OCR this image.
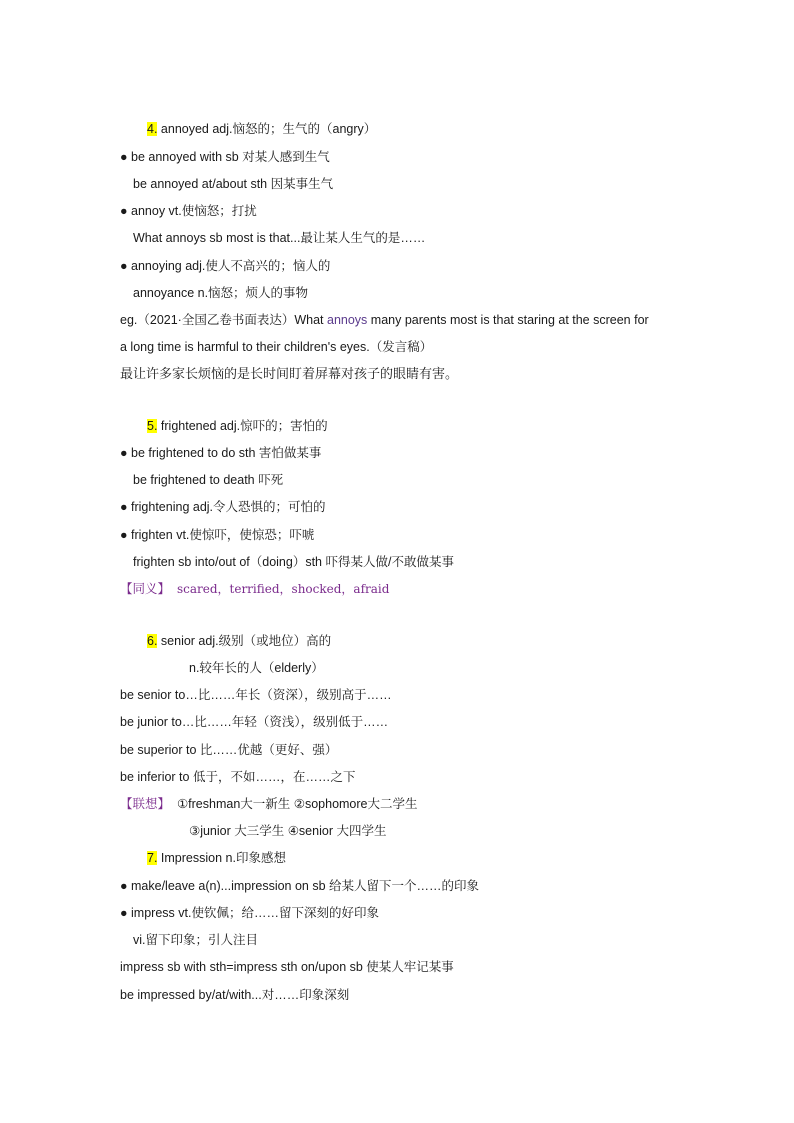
4. annoyed adj.恼怒的；生气的（angry）
● be annoyed with sb 对某人感到生气
be annoyed at/about sth 因某事生气
● annoy vt.使恼怒；打扰
What annoys sb most is that...最让某人生气的是……
● annoying adj.使人不高兴的；恼人的
annoyance n.恼怒；烦人的事物
eg.（2021·全国乙卷书面表达）What annoys many parents most is that staring at the screen for
a long time is harmful to their children's eyes.（发言稿）
最让许多家长烦恼的是长时间盯着屏幕对孩子的眼睛有害。
5. frightened adj.惊吓的；害怕的
● be frightened to do sth 害怕做某事
be frightened to death 吓死
● frightening adj.令人恐惧的；可怕的
● frighten vt.使惊吓，使惊恐；吓唬
frighten sb into/out of（doing）sth 吓得某人做/不敢做某事
【同义】 scared，terrified，shocked，afraid
6. senior adj.级别（或地位）高的
n.较年长的人（elderly）
be senior to…比……年长（资深），级别高于……
be junior to…比……年轻（资浅），级别低于……
be superior to 比……优越（更好、强）
be inferior to 低于，不如……，在……之下
【联想】 ①freshman大一新生 ②sophomore大二学生
③junior 大三学生 ④senior 大四学生
7. Impression n.印象感想
● make/leave a(n)...impression on sb 给某人留下一个……的印象
● impress vt.使钦佩；给……留下深刻的好印象
vi.留下印象；引人注目
impress sb with sth=impress sth on/upon sb 使某人牢记某事
be impressed by/at/with...对……印象深刻
